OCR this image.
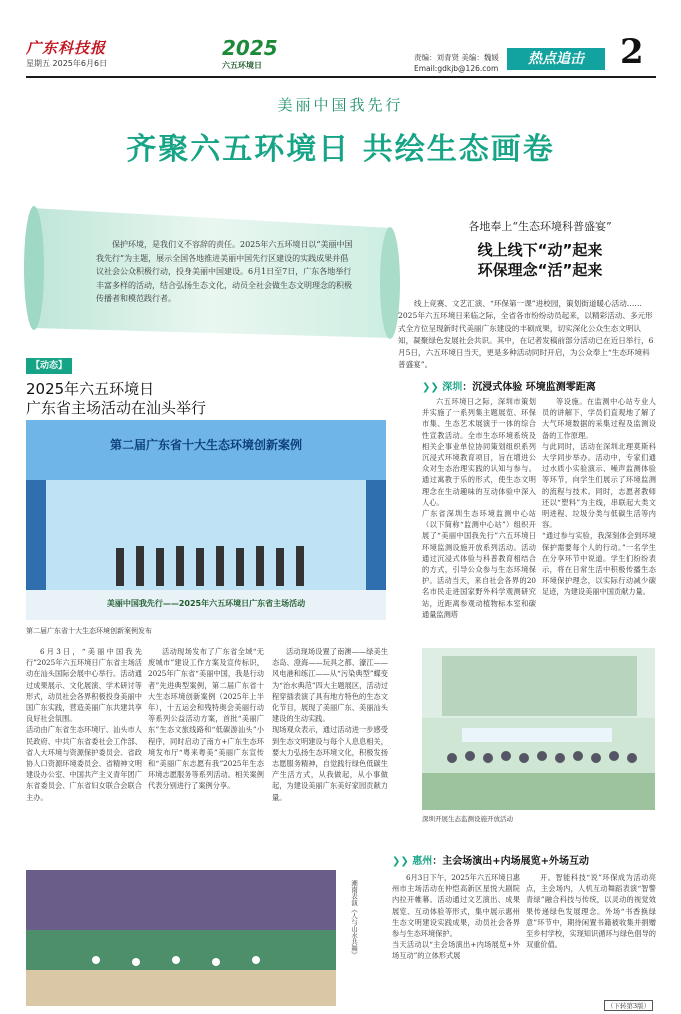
广东科技报
星期五 2025年6月6日
2025
六五环境日
责编：刘青贤 美编：魏媛
Email:gdkjb@126.com
热点追击	2
美丽中国我先行
齐聚六五环境日 共绘生态画卷
保护环境，是我们义不容辞的责任。2025年六五环境日以“美丽中国我先行”为主题，展示全国各地推进美丽中国先行区建设的实践成果并倡议社会公众积极行动，投身美丽中国建设。6月1日至7日，广东各地举行丰富多样的活动，结合弘扬生态文化，动员全社会做生态文明理念的积极传播者和模范践行者。
各地奉上“生态环境科普盛宴”
线上线下“动”起来
环保理念“活”起来
线上竞赛、文艺汇演、“环保第一课”进校园，策划街道暖心活动……2025年六五环境日来临之际，全省各市纷纷动员起来，以精彩活动、多元形式全方位呈现新时代美丽广东建设的丰硕成果，切实深化公众生态文明认知，凝聚绿色发展社会共识。其中，在记者发稿前部分活动已在近日举行，6月5日，六五环境日当天，更是多种活动同时开启，为公众奉上“生态环境科普盛宴”。
【动态】
2025年六五环境日
广东省主场活动在汕头举行
第二届广东省十大生态环境创新案例
美丽中国我先行——2025年六五环境日广东省主场活动
第二届广东省十大生态环境创新案例发布
6月3日，“美丽中国我先行”2025年六五环境日广东省主场活动在汕头国际会展中心举行。活动通过成果展示、文化展演、学术研讨等形式，动员社会各界积极投身美丽中国广东实践，营造美丽广东共建共享良好社会氛围。
活动由广东省生态环境厅、汕头市人民政府、中共广东省委社会工作部、省人大环境与资源保护委员会、省政协人口资源环境委员会、省精神文明建设办公室、中国共产主义青年团广东省委员会、广东省妇女联合会联合主办。
活动现场发布了广东省全域“无废城市”建设工作方案及宣传标识，2025年广东省“美丽中国，我是行动者”先进典型案例，第二届广东省十大生态环境创新案例（2025年上半年），十五运会和残特奥会美丽行动等系列公益活动方案，首批“美丽广东”生态文旅线路和“低碳游汕头”小程序，同时启动了南方+广东生态环境发布厅“粤来粤美”美丽广东宣传和“美丽广东志愿有我”2025年生态环境志愿服务等系列活动。相关案例代表分别进行了案例分享。
活动现场设置了南澳——绿美生态岛、澄海——玩具之都、濠江——风电港和练江——从“污染典型”蝶变为“治水典范”四大主题展区，活动过程穿插表演了具有地方特色的生态文化节目，展现了美丽广东、美丽汕头建设的生动实践。
现场观众表示，通过活动进一步感受到生态文明建设与每个人息息相关，要大力弘扬生态环境文化，积极发扬志愿服务精神，自觉践行绿色低碳生产生活方式，从我做起，从小事做起，为建设美丽广东美好家园贡献力量。
❯❯ 深圳：沉浸式体验 环境监测零距离
六五环境日之际，深圳市策划并实施了一系列集主题展览、环保市集、生态艺术展演于一体的综合性宣教活动。全市生态环境系统及相关企事业单位协同策划组织系列沉浸式环境教育项目，旨在增进公众对生态治理实践的认知与参与。通过寓教于乐的形式，使生态文明理念在生动趣味的互动体验中深入人心。
广东省深圳生态环境监测中心站（以下简称“监测中心站”）组织开展了“美丽中国我先行”六五环境日环境监测设施开放系列活动。活动通过沉浸式体验与科普教育相结合的方式，引导公众参与生态环境保护。活动当天，来自社会各界的20名市民走进国家野外科学观测研究站，近距离参观动植物标本室和碳通量监测塔
等设施。在监测中心站专业人员的讲解下，学员们直观地了解了大气环境数据的采集过程及监测设备的工作原理。
与此同时，活动在深圳北理莫斯科大学同步举办。活动中，专家们通过水质小实验演示、噪声监测体验等环节，向学生们展示了环境监测的流程与技术。同时，志愿者教师还以“塑料”为主线，串联起大类文明进程、垃圾分类与低碳生活等内容。
“通过参与实验，我深刻体会到环境保护需要每个人的行动。”一名学生在分享环节中说道。学生们纷纷表示，将在日常生活中积极传播生态环境保护理念，以实际行动减少碳足迹，为建设美丽中国贡献力量。
深圳开展生态监测设施开放活动
❯❯ 惠州：主会场演出+内场展览+外场互动
6月3日下午，2025年六五环境日惠州市主场活动在仲恺高新区星悦大剧院内拉开帷幕。活动通过文艺演出、成果展览、互动体验等形式，集中展示惠州生态文明建设实践成果，动员社会各界参与生态环境保护。
当天活动以“主会场演出+内场展览+外场互动”的立体形式展
开。智能科技“说”环保成为活动亮点，主会场内，人机互动舞蹈表演“智警青绿”融合科技与传统，以灵动的视觉效果传递绿色发展理念。外场“书香换绿意”环节中，期待闲置书籍被收集并捐赠至乡村学校，实现知识循环与绿色倡导的双重价值。
潮南表演《人与山水共舞》
（下转第3版）
